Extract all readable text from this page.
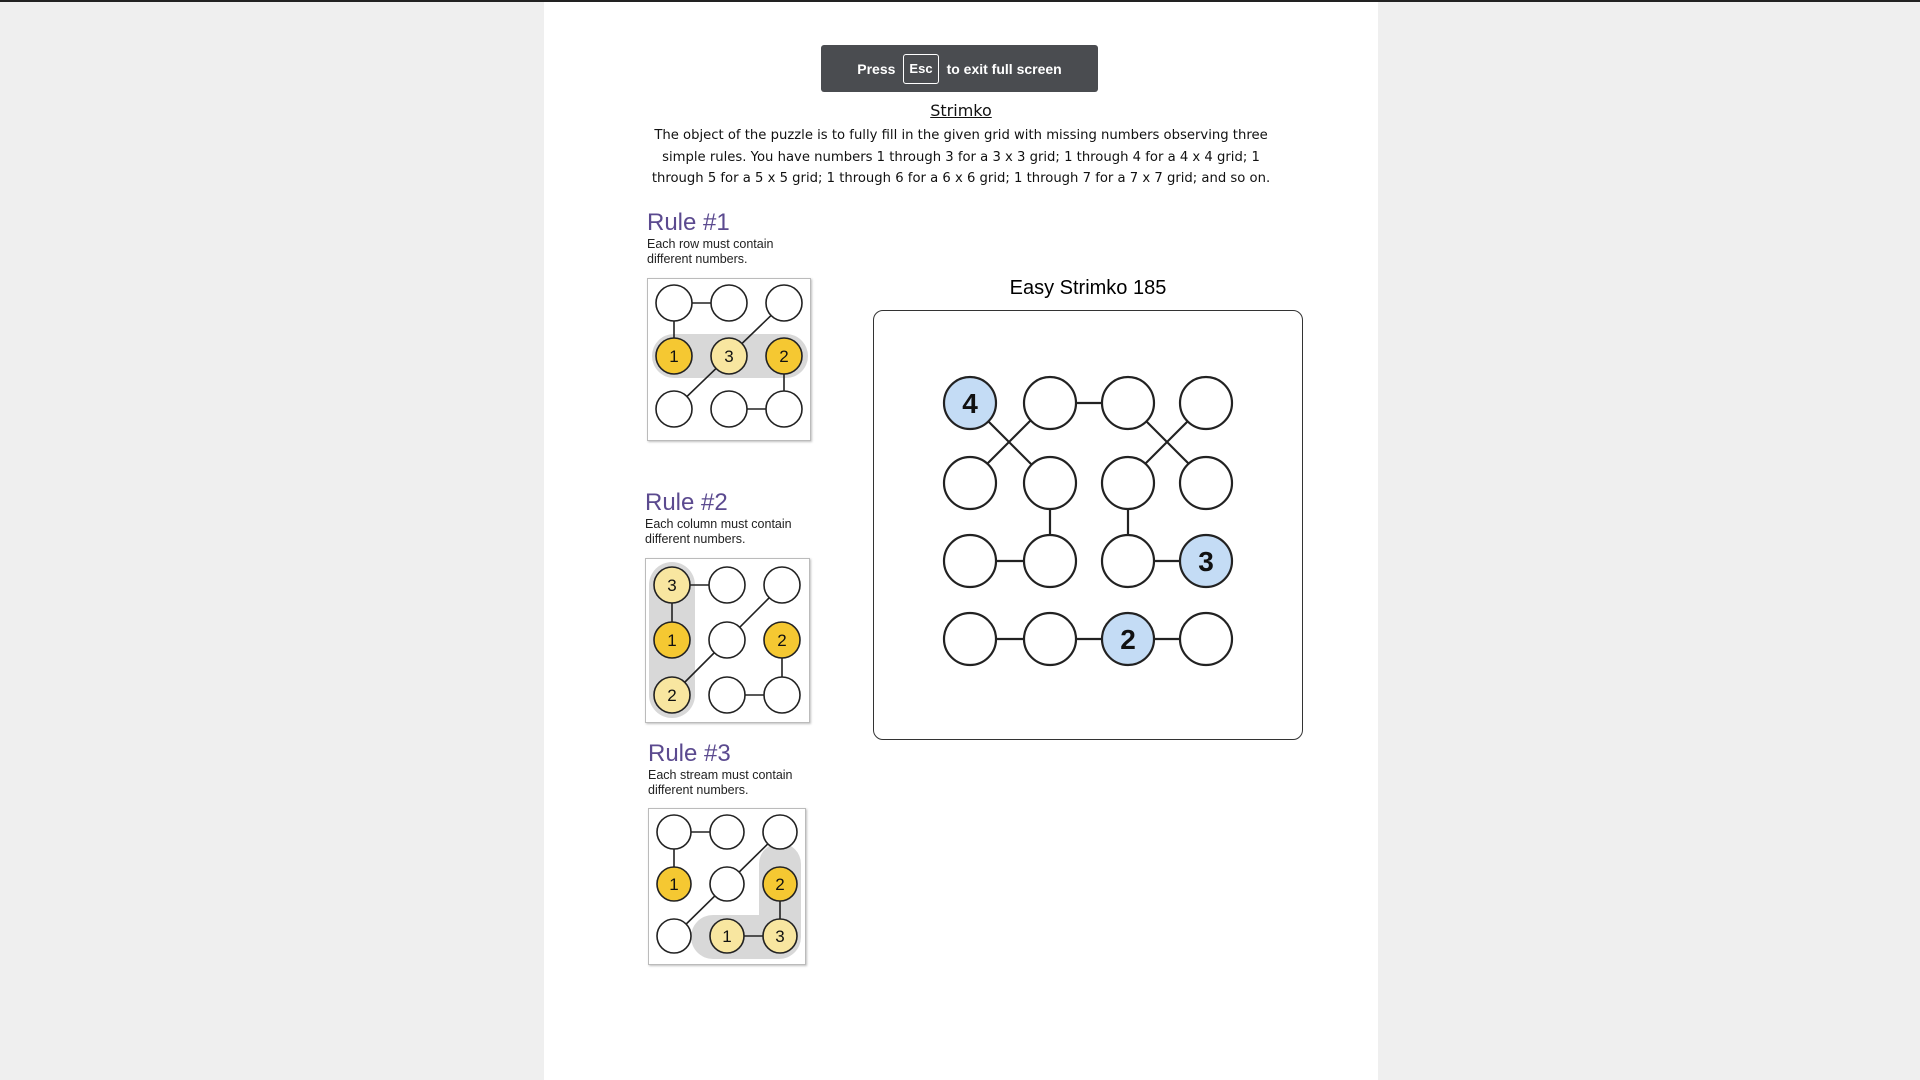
Press	Esc	to exit full screen
Strimko
The object of the puzzle is to fully fill in the given grid with missing numbers observing three simple rules. You have numbers 1 through 3 for a 3 x 3 grid; 1 through 4 for a 4 x 4 grid; 1 through 5 for a 5 x 5 grid; 1 through 6 for a 6 x 6 grid; 1 through 7 for a 7 x 7 grid; and so on.
Rule #1
Each row must contain different numbers.
1	3	2
Rule #2
Each column must contain different numbers.
3
1	2
2
Rule #3
Each stream must contain different numbers.
1	2
1	3
Easy Strimko 185
4
3
2
